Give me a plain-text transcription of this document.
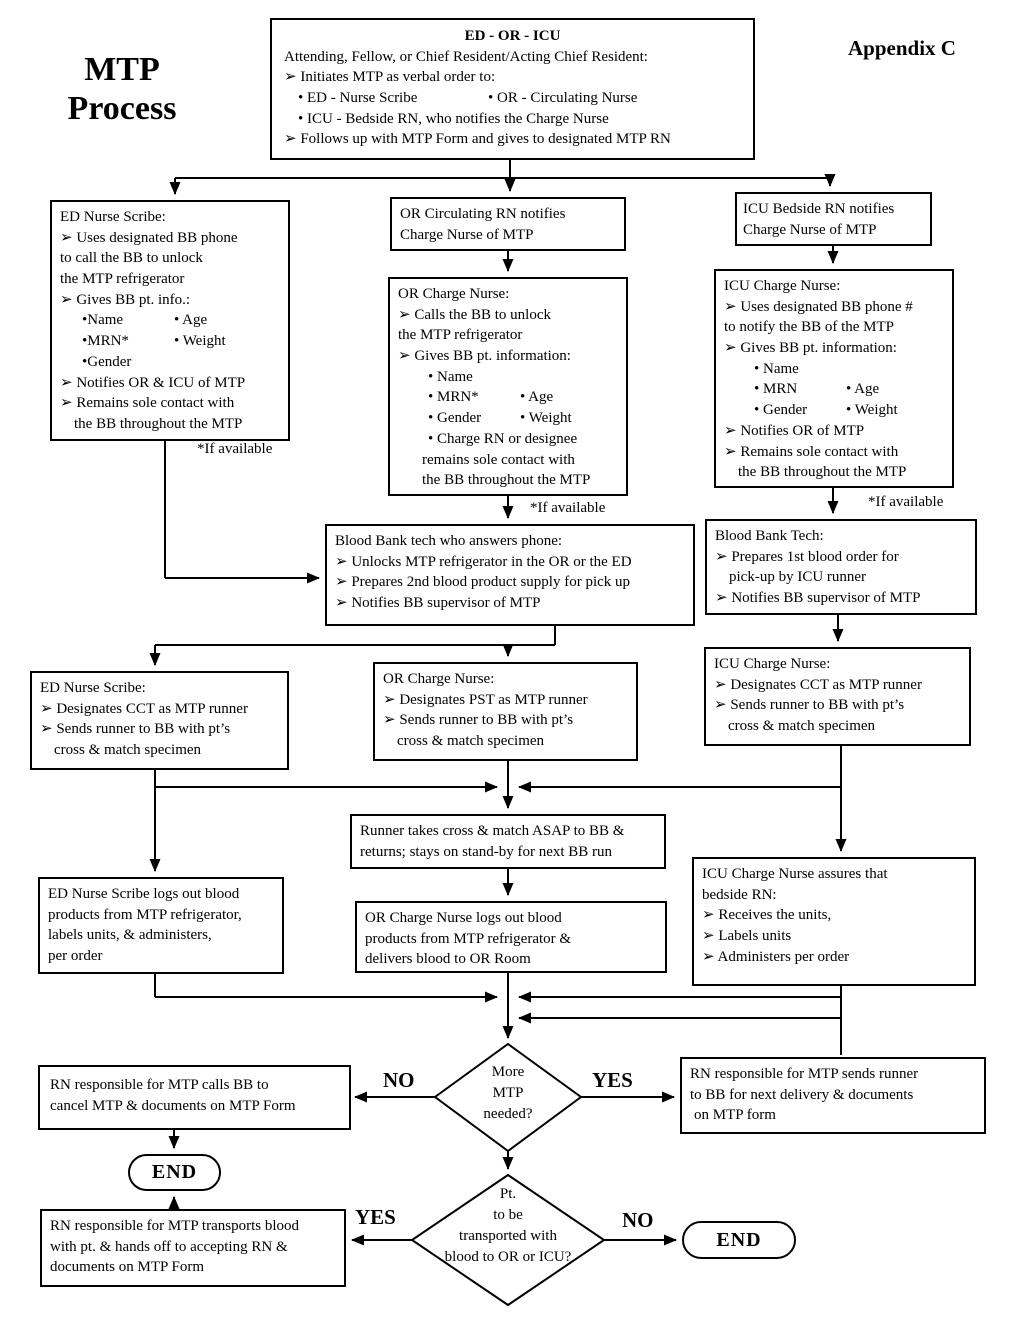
MTP
Process
Appendix C
ED - OR - ICU
Attending, Fellow, or Chief Resident/Acting Chief Resident:
➢ Initiates MTP as verbal order to:
• ED - Nurse Scribe	• OR - Circulating Nurse
• ICU - Bedside RN, who notifies the Charge Nurse
➢ Follows up with MTP Form and gives to designated MTP RN
OR Circulating RN notifies
Charge Nurse of MTP
ICU Bedside RN notifies
Charge Nurse of MTP
ED Nurse Scribe:
➢ Uses designated BB phone
to call the BB to unlock
the MTP refrigerator
➢ Gives BB pt. info.:
•Name	• Age
•MRN*	• Weight
•Gender
➢ Notifies OR & ICU of MTP
➢ Remains sole contact with
the BB throughout the MTP
*If available
OR Charge Nurse:
➢ Calls the BB to unlock
the MTP refrigerator
➢ Gives BB pt. information:
• Name
• MRN*	• Age
• Gender	• Weight
• Charge RN or designee
remains sole contact with
the BB throughout the MTP
*If available
ICU Charge Nurse:
➢ Uses designated BB phone #
to notify the BB of the MTP
➢ Gives BB pt. information:
• Name
• MRN	• Age
• Gender	• Weight
➢ Notifies OR of MTP
➢ Remains sole contact with
the BB throughout the MTP
*If available
Blood Bank tech who answers phone:
➢ Unlocks MTP refrigerator in the OR or the ED
➢ Prepares 2nd blood product supply for pick up
➢ Notifies BB supervisor of MTP
Blood Bank Tech:
➢ Prepares 1st blood order for
pick-up by ICU runner
➢ Notifies BB supervisor of MTP
ED Nurse Scribe:
➢ Designates CCT as MTP runner
➢ Sends runner to BB with pt’s
cross & match specimen
OR Charge Nurse:
➢ Designates PST as MTP runner
➢ Sends runner to BB with pt’s
cross & match specimen
ICU Charge Nurse:
➢ Designates CCT as MTP runner
➢ Sends runner to BB with pt’s
cross & match specimen
Runner takes cross & match ASAP to BB &
returns; stays on stand-by for next BB run
ED Nurse Scribe logs out blood
products from MTP refrigerator,
labels units, & administers,
per order
OR Charge Nurse logs out blood
products from MTP refrigerator &
delivers blood to OR Room
ICU Charge Nurse assures that
bedside RN:
➢ Receives the units,
➢ Labels units
➢ Administers per order
More
MTP
needed?
NO	YES
RN responsible for MTP calls BB to
cancel MTP & documents on MTP Form
RN responsible for MTP sends runner
to BB for next delivery & documents
on MTP form
END
END
Pt.
to be
transported with
blood to OR or ICU?
YES	NO
RN responsible for MTP transports blood
with pt. & hands off to accepting RN &
documents on MTP Form
